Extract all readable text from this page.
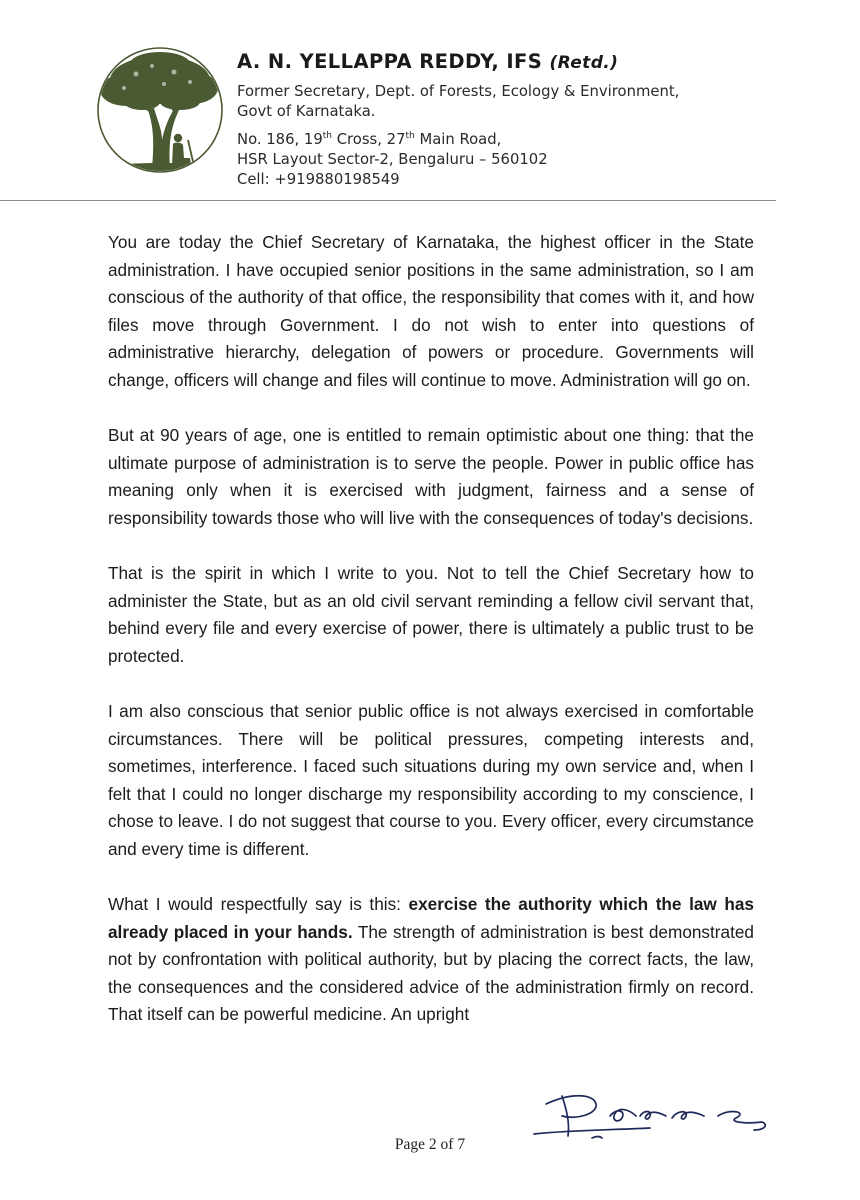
A. N. YELLAPPA REDDY, IFS (Retd.)

Former Secretary, Dept. of Forests, Ecology & Environment,

Govt of Karnataka.

No. 186, 19th Cross, 27th Main Road,

HSR Layout Sector-2, Bengaluru – 560102

Cell: +919880198549

You are today the Chief Secretary of Karnataka, the highest officer in the State administration. I have occupied senior positions in the same administration, so I am conscious of the authority of that office, the responsibility that comes with it, and how files move through Government. I do not wish to enter into questions of administrative hierarchy, delegation of powers or procedure. Governments will change, officers will change and files will continue to move. Administration will go on.

But at 90 years of age, one is entitled to remain optimistic about one thing: that the ultimate purpose of administration is to serve the people. Power in public office has meaning only when it is exercised with judgment, fairness and a sense of responsibility towards those who will live with the consequences of today's decisions.

That is the spirit in which I write to you. Not to tell the Chief Secretary how to administer the State, but as an old civil servant reminding a fellow civil servant that, behind every file and every exercise of power, there is ultimately a public trust to be protected.

I am also conscious that senior public office is not always exercised in comfortable circumstances. There will be political pressures, competing interests and, sometimes, interference. I faced such situations during my own service and, when I felt that I could no longer discharge my responsibility according to my conscience, I chose to leave. I do not suggest that course to you. Every officer, every circumstance and every time is different.

What I would respectfully say is this: exercise the authority which the law has already placed in your hands. The strength of administration is best demonstrated not by confrontation with political authority, but by placing the correct facts, the law, the consequences and the considered advice of the administration firmly on record. That itself can be powerful medicine. An upright

Page 2 of 7
